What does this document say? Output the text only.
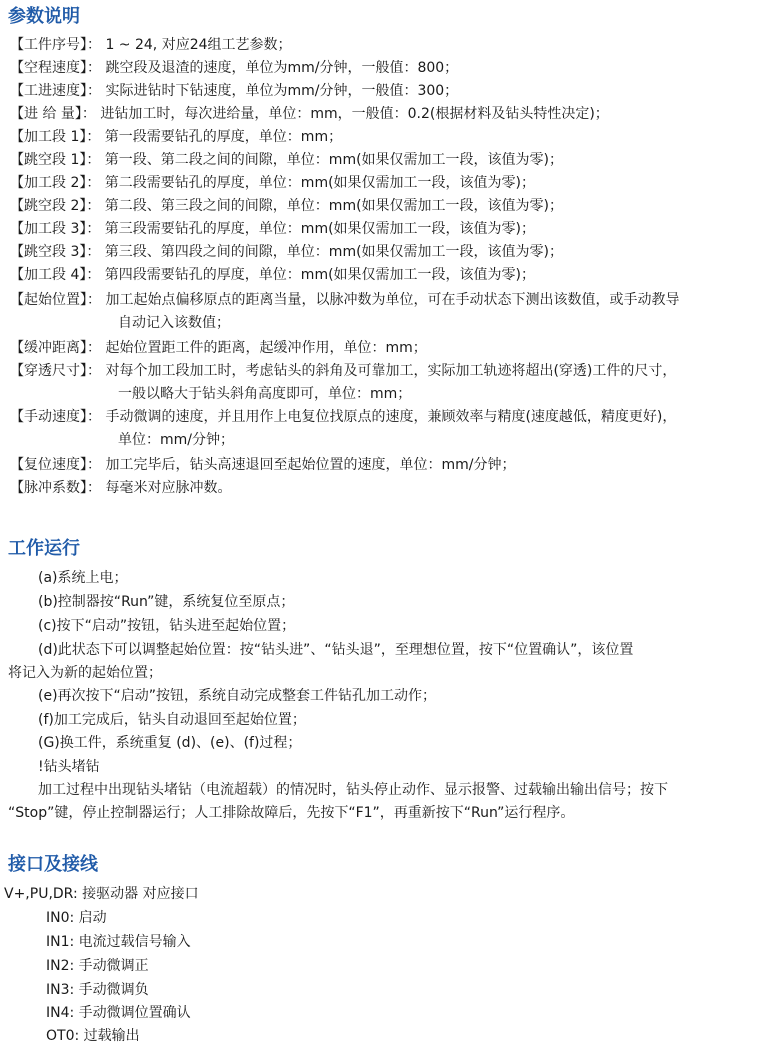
参数说明

【工件序号】： 1 ~ 24, 对应24组工艺参数；

【空程速度】： 跳空段及退渣的速度，单位为mm/分钟，一般值：800；

【工进速度】： 实际进钻时下钻速度，单位为mm/分钟，一般值：300；

【进 给 量】： 进钻加工时，每次进给量，单位：mm，一般值：0.2(根据材料及钻头特性决定)；

【加工段 1】： 第一段需要钻孔的厚度，单位：mm；

【跳空段 1】： 第一段、第二段之间的间隙，单位：mm(如果仅需加工一段，该值为零)；

【加工段 2】： 第二段需要钻孔的厚度，单位：mm(如果仅需加工一段，该值为零)；

【跳空段 2】： 第二段、第三段之间的间隙，单位：mm(如果仅需加工一段，该值为零)；

【加工段 3】： 第三段需要钻孔的厚度，单位：mm(如果仅需加工一段，该值为零)；

【跳空段 3】： 第三段、第四段之间的间隙，单位：mm(如果仅需加工一段，该值为零)；

【加工段 4】： 第四段需要钻孔的厚度，单位：mm(如果仅需加工一段，该值为零)；

【起始位置】： 加工起始点偏移原点的距离当量，以脉冲数为单位，可在手动状态下测出该数值，或手动教导

自动记入该数值；

【缓冲距离】： 起始位置距工件的距离，起缓冲作用，单位：mm；

【穿透尺寸】： 对每个加工段加工时，考虑钻头的斜角及可靠加工，实际加工轨迹将超出(穿透)工件的尺寸，

一般以略大于钻头斜角高度即可，单位：mm；

【手动速度】： 手动微调的速度，并且用作上电复位找原点的速度，兼顾效率与精度(速度越低，精度更好)，

单位：mm/分钟；

【复位速度】： 加工完毕后，钻头高速退回至起始位置的速度，单位：mm/分钟；

【脉冲系数】： 每毫米对应脉冲数。

工作运行

(a)系统上电；

(b)控制器按“Run”键，系统复位至原点；

(c)按下“启动”按钮，钻头进至起始位置；

(d)此状态下可以调整起始位置：按“钻头进”、“钻头退”，至理想位置，按下“位置确认”，该位置

将记入为新的起始位置；

(e)再次按下“启动”按钮，系统自动完成整套工件钻孔加工动作；

(f)加工完成后，钻头自动退回至起始位置；

(G)换工件，系统重复 (d)、(e)、(f)过程；

!钻头堵钻

加工过程中出现钻头堵钻（电流超载）的情况时，钻头停止动作、显示报警、过载输出输出信号；按下

“Stop”键，停止控制器运行；人工排除故障后，先按下“F1”，再重新按下“Run”运行程序。

接口及接线

V+,PU,DR: 接驱动器 对应接口

IN0: 启动

IN1: 电流过载信号输入

IN2: 手动微调正

IN3: 手动微调负

IN4: 手动微调位置确认

OT0: 过载输出
